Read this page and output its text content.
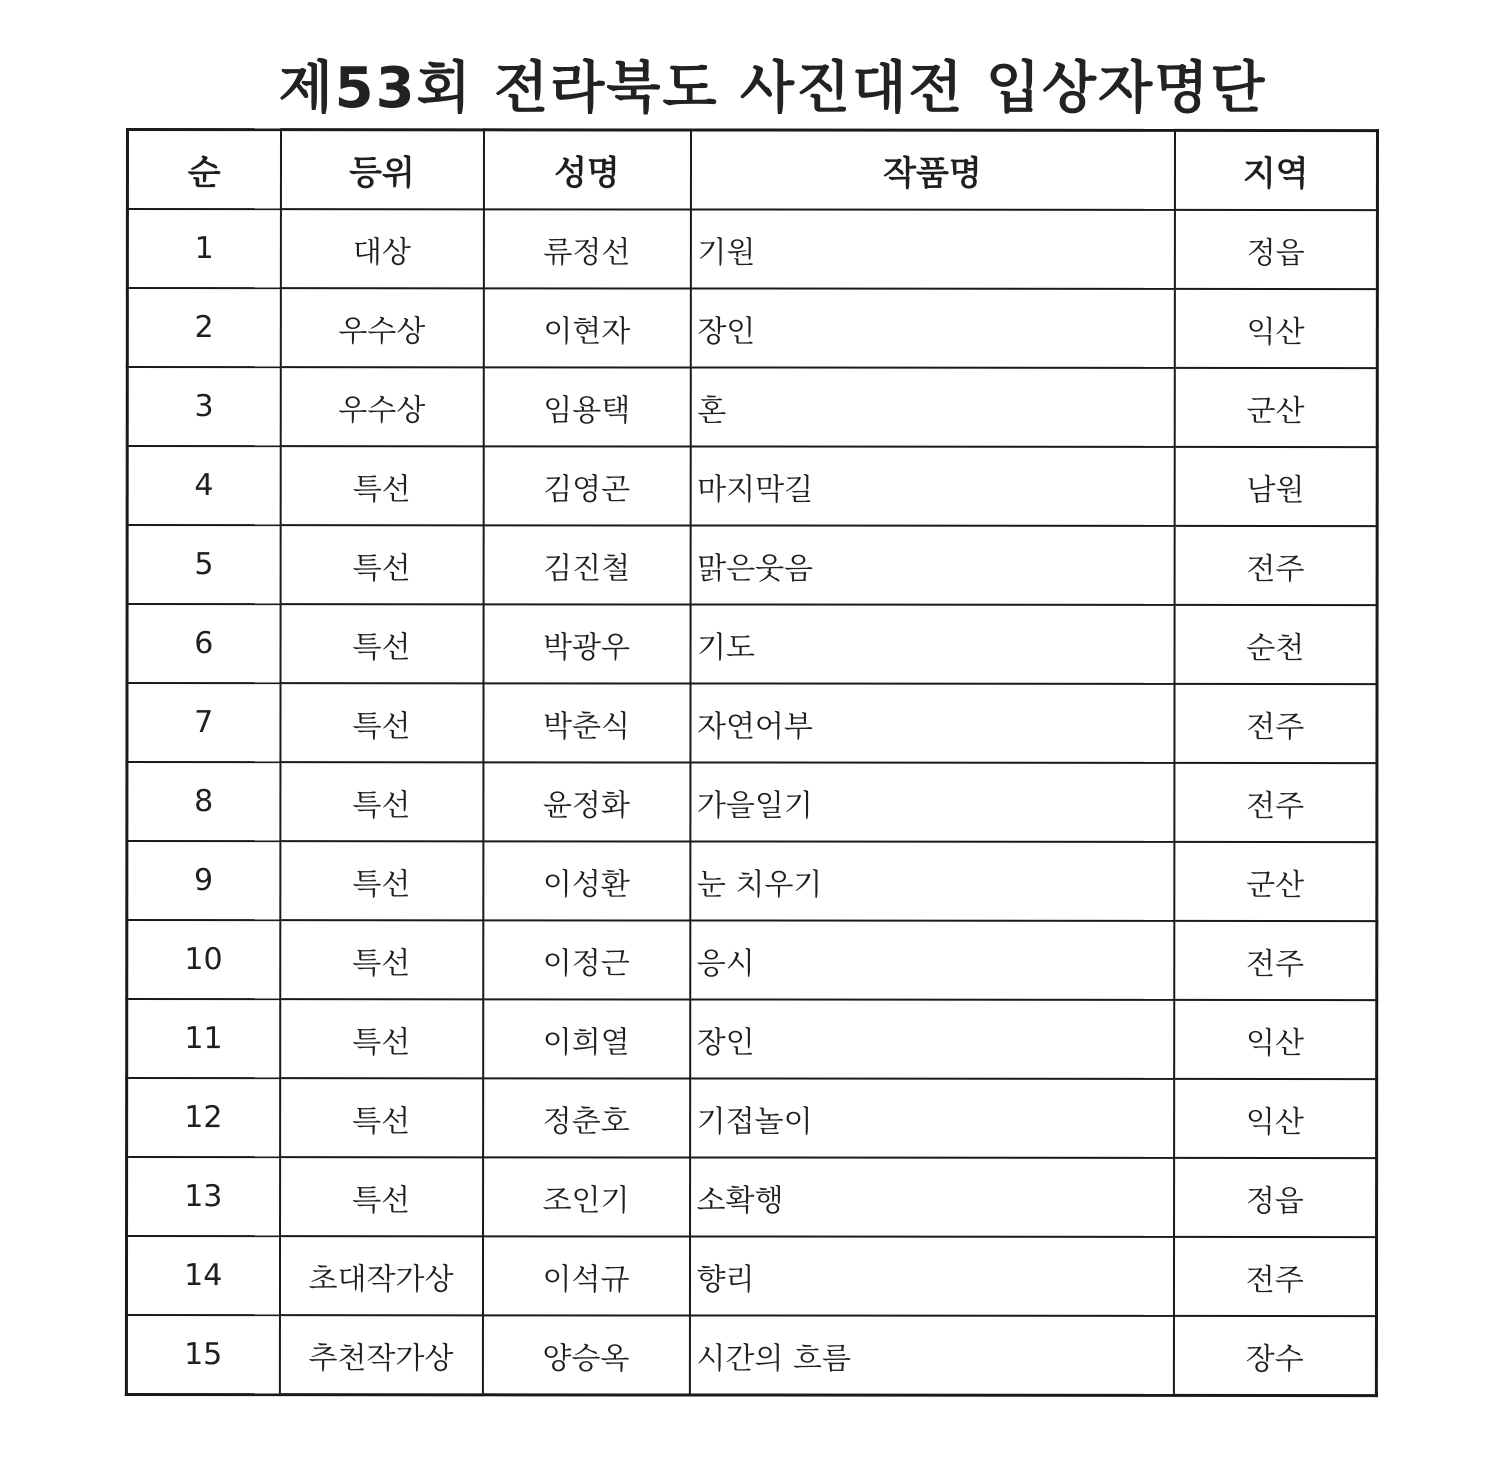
제53회 전라북도 사진대전 입상자명단
순	등위	성명	작품명	지역
1	대상	류정선	기원	정읍
2	우수상	이현자	장인	익산
3	우수상	임용택	혼	군산
4	특선	김영곤	마지막길	남원
5	특선	김진철	맑은웃음	전주
6	특선	박광우	기도	순천
7	특선	박춘식	자연어부	전주
8	특선	윤정화	가을일기	전주
9	특선	이성환	눈 치우기	군산
10	특선	이정근	응시	전주
11	특선	이희열	장인	익산
12	특선	정춘호	기접놀이	익산
13	특선	조인기	소확행	정읍
14	초대작가상	이석규	향리	전주
15	추천작가상	양승옥	시간의 흐름	장수
